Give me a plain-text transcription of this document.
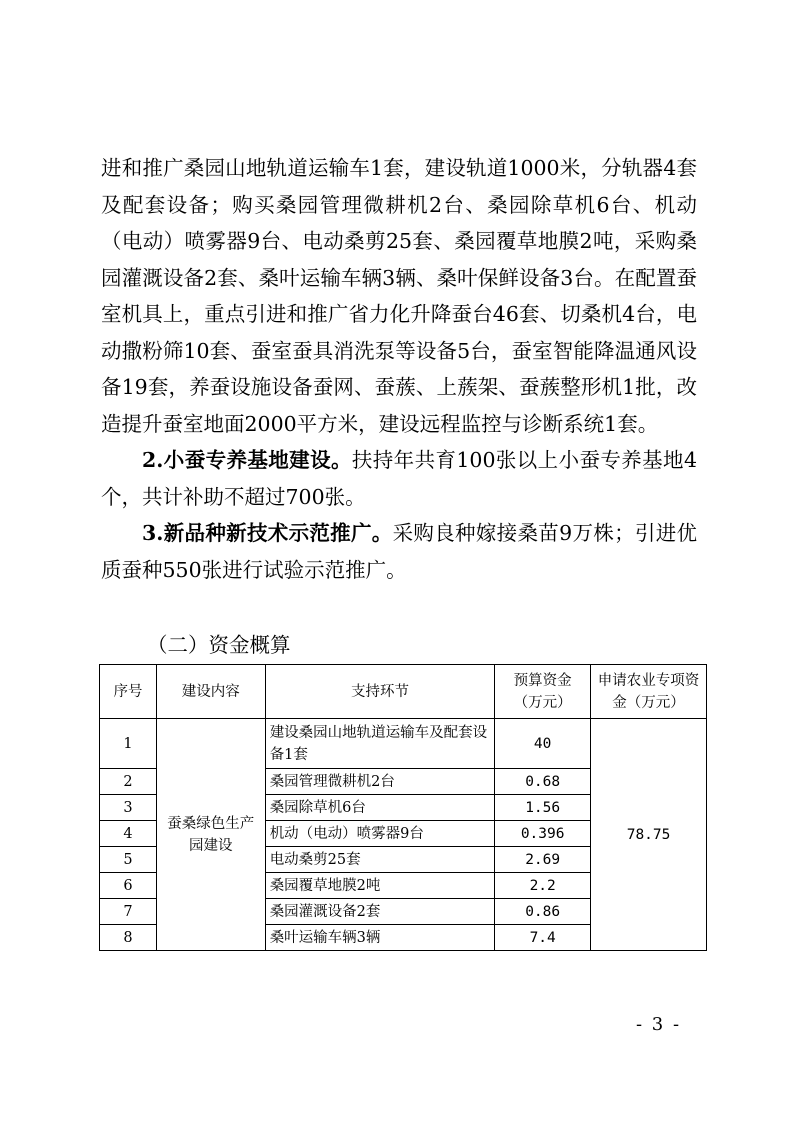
进和推广桑园山地轨道运输车1套，建设轨道1000米，分轨器4套及配套设备；购买桑园管理微耕机2台、桑园除草机6台、机动（电动）喷雾器9台、电动桑剪25套、桑园覆草地膜2吨，采购桑园灌溉设备2套、桑叶运输车辆3辆、桑叶保鲜设备3台。在配置蚕室机具上，重点引进和推广省力化升降蚕台46套、切桑机4台，电动撒粉筛10套、蚕室蚕具消洗泵等设备5台，蚕室智能降温通风设备19套，养蚕设施设备蚕网、蚕蔟、上蔟架、蚕蔟整形机1批，改造提升蚕室地面2000平方米，建设远程监控与诊断系统1套。

2.小蚕专养基地建设。扶持年共育100张以上小蚕专养基地4个，共计补助不超过700张。

3.新品种新技术示范推广。采购良种嫁接桑苗9万株；引进优质蚕种550张进行试验示范推广。

（二）资金概算
序号	建设内容	支持环节	预算资金（万元）	申请农业专项资金（万元）
1	蚕桑绿色生产园建设	建设桑园山地轨道运输车及配套设备1套	40	78.75
2		桑园管理微耕机2台	0.68	
3		桑园除草机6台	1.56	
4		机动（电动）喷雾器9台	0.396	
5		电动桑剪25套	2.69	
6		桑园覆草地膜2吨	2.2	
7		桑园灌溉设备2套	0.86	
8		桑叶运输车辆3辆	7.4	
- 3 -
